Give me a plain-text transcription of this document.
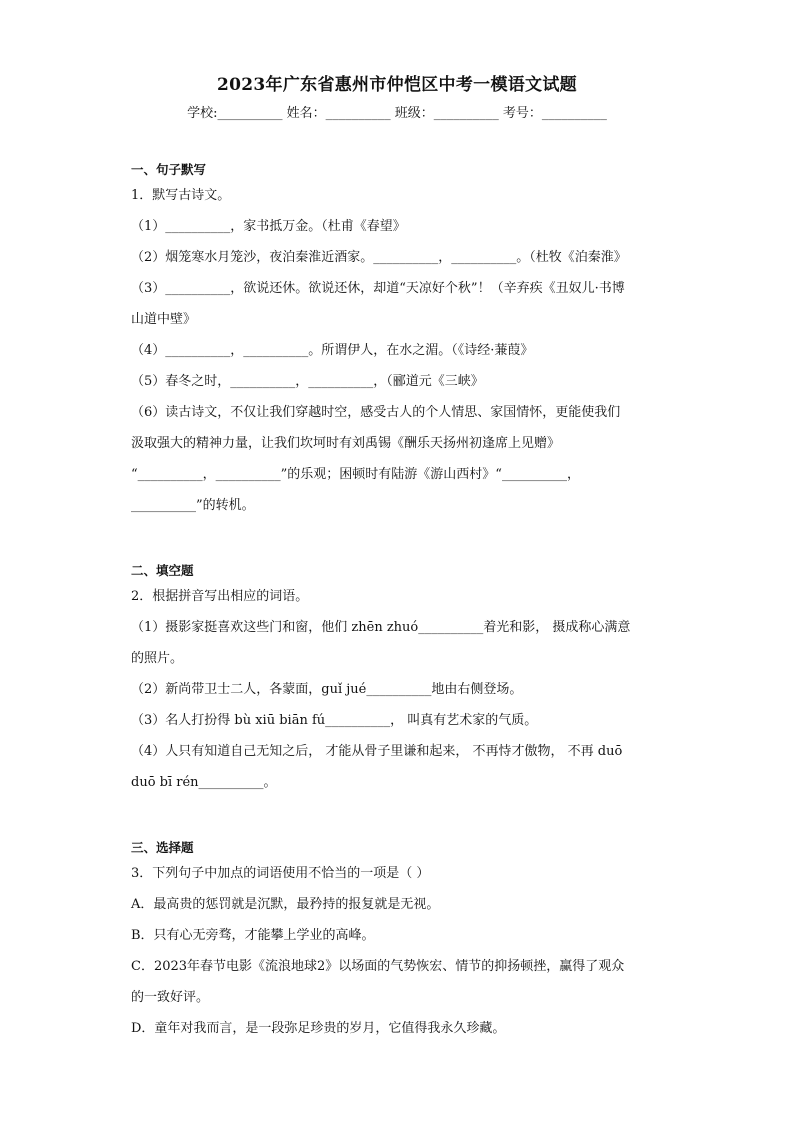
2023年广东省惠州市仲恺区中考一模语文试题
学校:__________ 姓名：__________ 班级：__________ 考号：__________

一、句子默写

1．默写古诗文。

（1）__________，家书抵万金。（杜甫《春望》

（2）烟笼寒水月笼沙，夜泊秦淮近酒家。__________，__________。（杜牧《泊秦淮》

（3）__________，欲说还休。欲说还休，却道“天凉好个秋”！（辛弃疾《丑奴儿·书博

山道中壁》

（4）__________，__________。所谓伊人，在水之湄。（《诗经·蒹葭》

（5）春冬之时，__________，__________，（郦道元《三峡》

（6）读古诗文，不仅让我们穿越时空，感受古人的个人情思、家国情怀，更能使我们

汲取强大的精神力量，让我们坎坷时有刘禹锡《酬乐天扬州初逢席上见赠》

“__________，__________”的乐观；困顿时有陆游《游山西村》“__________，

__________”的转机。

二、填空题

2．根据拼音写出相应的词语。

（1）摄影家挺喜欢这些门和窗，他们 zhēn zhuó__________着光和影， 摄成称心满意

的照片。

（2）新尚带卫士二人，各蒙面，guǐ jué__________地由右侧登场。

（3）名人打扮得 bù xiū biān fú__________， 叫真有艺术家的气质。

（4）人只有知道自己无知之后， 才能从骨子里谦和起来， 不再恃才傲物， 不再 duō

duō bī rén__________。

三、选择题

3．下列句子中加点的词语使用不恰当的一项是（ ）

A．最高贵的惩罚就是沉默，最矜持的报复就是无视。

B．只有心无旁骛，才能攀上学业的高峰。

C．2023年春节电影《流浪地球2》以场面的气势恢宏、情节的抑扬顿挫，赢得了观众

的一致好评。

D．童年对我而言，是一段弥足珍贵的岁月，它值得我永久珍藏。
